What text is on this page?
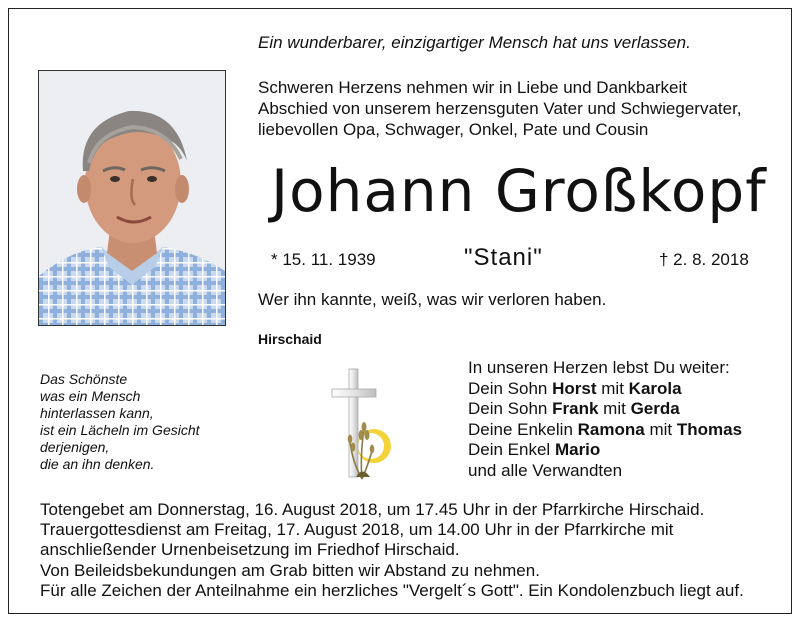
Ein wunderbarer, einzigartiger Mensch hat uns verlassen.
Schweren Herzens nehmen wir in Liebe und Dankbarkeit
Abschied von unserem herzensguten Vater und Schwiegervater,
liebevollen Opa, Schwager, Onkel, Pate und Cousin
Johann Großkopf
* 15. 11. 1939	"Stani"	† 2. 8. 2018
Wer ihn kannte, weiß, was wir verloren haben.
Hirschaid
Das Schönste
was ein Mensch
hinterlassen kann,
ist ein Lächeln im Gesicht
derjenigen,
die an ihn denken.
In unseren Herzen lebst Du weiter:
Dein Sohn Horst mit Karola
Dein Sohn Frank mit Gerda
Deine Enkelin Ramona mit Thomas
Dein Enkel Mario
und alle Verwandten
Totengebet am Donnerstag, 16. August 2018, um 17.45 Uhr in der Pfarrkirche Hirschaid.
Trauergottesdienst am Freitag, 17. August 2018, um 14.00 Uhr in der Pfarrkirche mit
anschließender Urnenbeisetzung im Friedhof Hirschaid.
Von Beileidsbekundungen am Grab bitten wir Abstand zu nehmen.
Für alle Zeichen der Anteilnahme ein herzliches "Vergelt´s Gott". Ein Kondolenzbuch liegt auf.
